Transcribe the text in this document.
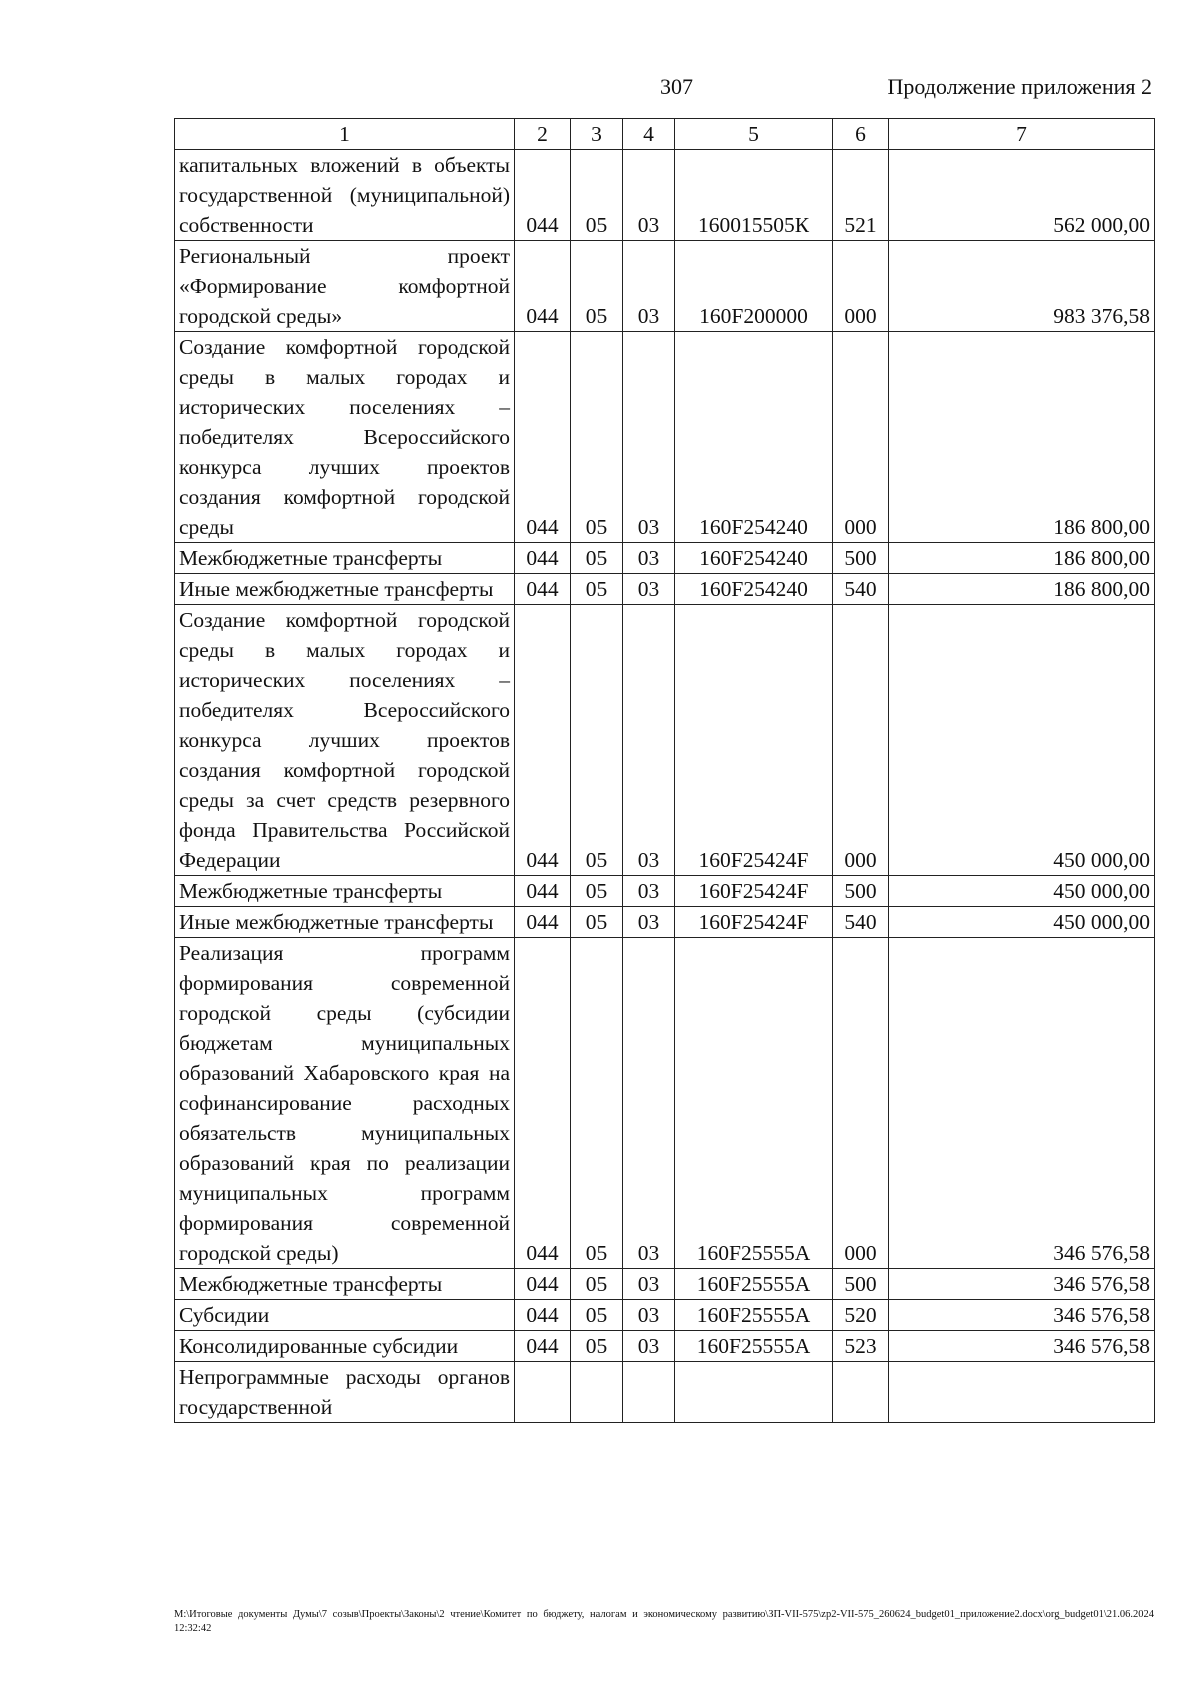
307	Продолжение приложения 2
1	2	3	4	5	6	7
капитальных вложений в объекты государственной (муниципальной) собственности	044	05	03	160015505К	521	562 000,00
Региональный проект «Формирование комфортной городской среды»	044	05	03	160F200000	000	983 376,58
Создание комфортной городской среды в малых городах и исторических поселениях – победителях Всероссийского конкурса лучших проектов создания комфортной городской среды	044	05	03	160F254240	000	186 800,00
Межбюджетные трансферты	044	05	03	160F254240	500	186 800,00
Иные межбюджетные трансферты	044	05	03	160F254240	540	186 800,00
Создание комфортной городской среды в малых городах и исторических поселениях – победителях Всероссийского конкурса лучших проектов создания комфортной городской среды за счет средств резервного фонда Правительства Российской Федерации	044	05	03	160F25424F	000	450 000,00
Межбюджетные трансферты	044	05	03	160F25424F	500	450 000,00
Иные межбюджетные трансферты	044	05	03	160F25424F	540	450 000,00
Реализация программ формирования современной городской среды (субсидии бюджетам муниципальных образований Хабаровского края на софинансирование расходных обязательств муниципальных образований края по реализации муниципальных программ формирования современной городской среды)	044	05	03	160F25555A	000	346 576,58
Межбюджетные трансферты	044	05	03	160F25555A	500	346 576,58
Субсидии	044	05	03	160F25555A	520	346 576,58
Консолидированные субсидии	044	05	03	160F25555A	523	346 576,58
Непрограммные расходы органов государственной						
M:\Итоговые документы Думы\7 созыв\Проекты\Законы\2 чтение\Комитет по бюджету, налогам и экономическому развитию\ЗП-VII-575\zp2-VII-575_260624_budget01_приложение2.docx\org_budget01\21.06.2024 12:32:42
